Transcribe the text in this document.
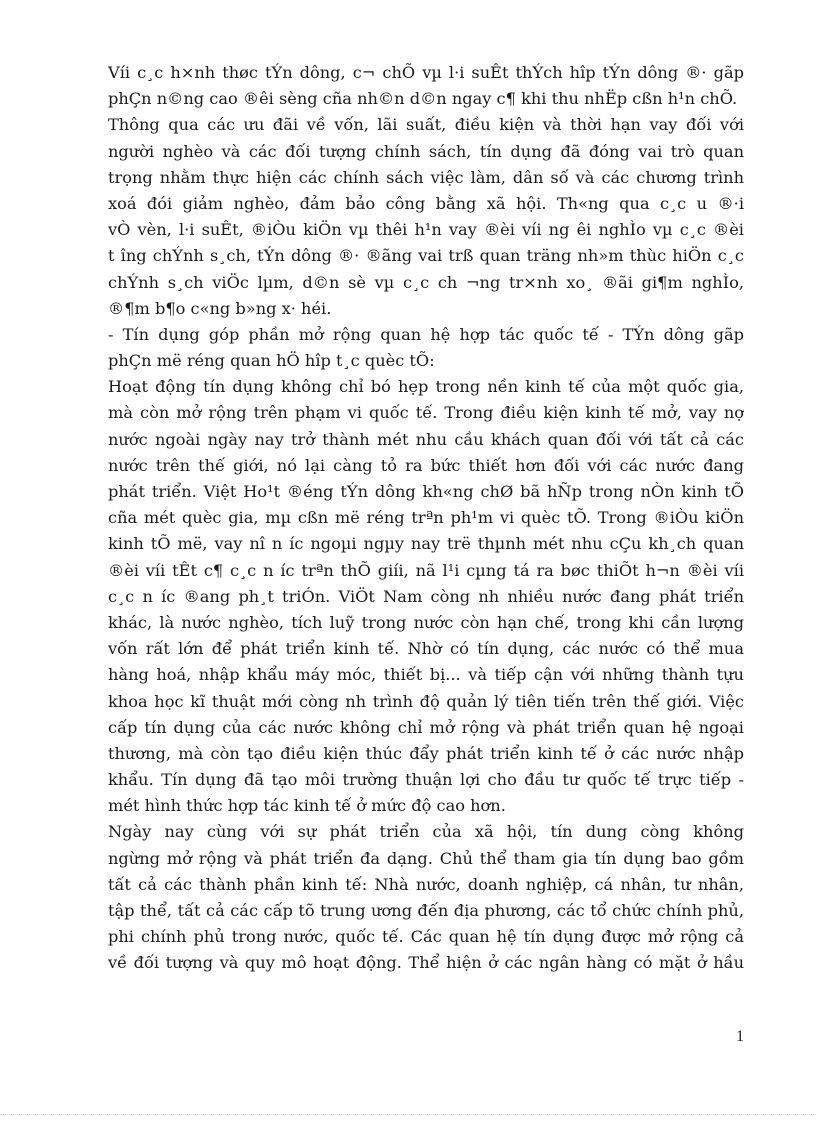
Víi c¸c h×nh thøc tÝn dông, c¬ chÕ vµ l·i suÊt thÝch hîp tÝn dông ®· gãp
phÇn n©ng cao ®êi sèng cña nh©n d©n ngay c¶ khi thu nhËp cßn h¹n chÕ.
Thông qua các ưu đãi về vốn, lãi suất, điều kiện và thời hạn vay đối với
người nghèo và các đối tượng chính sách, tín dụng đã đóng vai trò quan
trọng nhằm thực hiện các chính sách việc làm, dân số và các chương trình
xoá đói giảm nghèo, đảm bảo công bằng xã hội. Th«ng qua c¸c u ®·i
vÒ vèn, l·i suÊt, ®iÒu kiÖn vµ thêi h¹n vay ®èi víi ng êi nghÌo vµ c¸c ®èi
t îng chÝnh s¸ch, tÝn dông ®· ®ãng vai trß quan träng nh»m thùc hiÖn c¸c
chÝnh s¸ch viÖc lµm, d©n sè vµ c¸c ch ¬ng tr×nh xo¸ ®ãi gi¶m nghÌo,
®¶m b¶o c«ng b»ng x· héi.
- Tín dụng góp phần mở rộng quan hệ hợp tác quốc tế - TÝn dông gãp
phÇn më réng quan hÖ hîp t¸c quèc tÕ:
Hoạt động tín dụng không chỉ bó hẹp trong nền kinh tế của một quốc gia,
mà còn mở rộng trên phạm vi quốc tế. Trong điều kiện kinh tế mở, vay nợ
nước ngoài ngày nay trở thành mét nhu cầu khách quan đối với tất cả các
nước trên thế giới, nó lại càng tỏ ra bức thiết hơn đối với các nước đang
phát triển. Việt Ho¹t ®éng tÝn dông kh«ng chØ bã hÑp trong nÒn kinh tÕ
cña mét quèc gia, mµ cßn më réng trªn ph¹m vi quèc tÕ. Trong ®iÒu kiÖn
kinh tÕ më, vay nî n íc ngoµi ngµy nay trë thµnh mét nhu cÇu kh¸ch quan
®èi víi tÊt c¶ c¸c n íc trªn thÕ giíi, nã l¹i cµng tá ra bøc thiÕt h¬n ®èi víi
c¸c n íc ®ang ph¸t triÓn. ViÖt Nam còng nh nhiều nước đang phát triển
khác, là nước nghèo, tích luỹ trong nước còn hạn chế, trong khi cần lượng
vốn rất lớn để phát triển kinh tế. Nhờ có tín dụng, các nước có thể mua
hàng hoá, nhập khẩu máy móc, thiết bị... và tiếp cận với những thành tựu
khoa học kĩ thuật mới còng nh trình độ quản lý tiên tiến trên thế giới. Việc
cấp tín dụng của các nước không chỉ mở rộng và phát triển quan hệ ngoại
thương, mà còn tạo điều kiện thúc đẩy phát triển kinh tế ở các nước nhập
khẩu. Tín dụng đã tạo môi trường thuận lợi cho đầu tư quốc tế trực tiếp -
mét hình thức hợp tác kinh tế ở mức độ cao hơn.
Ngày nay cùng với sự phát triển của xã hội, tín dung còng không
ngừng mở rộng và phát triển đa dạng. Chủ thể tham gia tín dụng bao gồm
tất cả các thành phần kinh tế: Nhà nước, doanh nghiệp, cá nhân, tư nhân,
tập thể, tất cả các cấp tõ trung ương đến địa phương, các tổ chức chính phủ,
phi chính phủ trong nước, quốc tế. Các quan hệ tín dụng được mở rộng cả
về đối tượng và quy mô hoạt động. Thể hiện ở các ngân hàng có mặt ở hầu
1
